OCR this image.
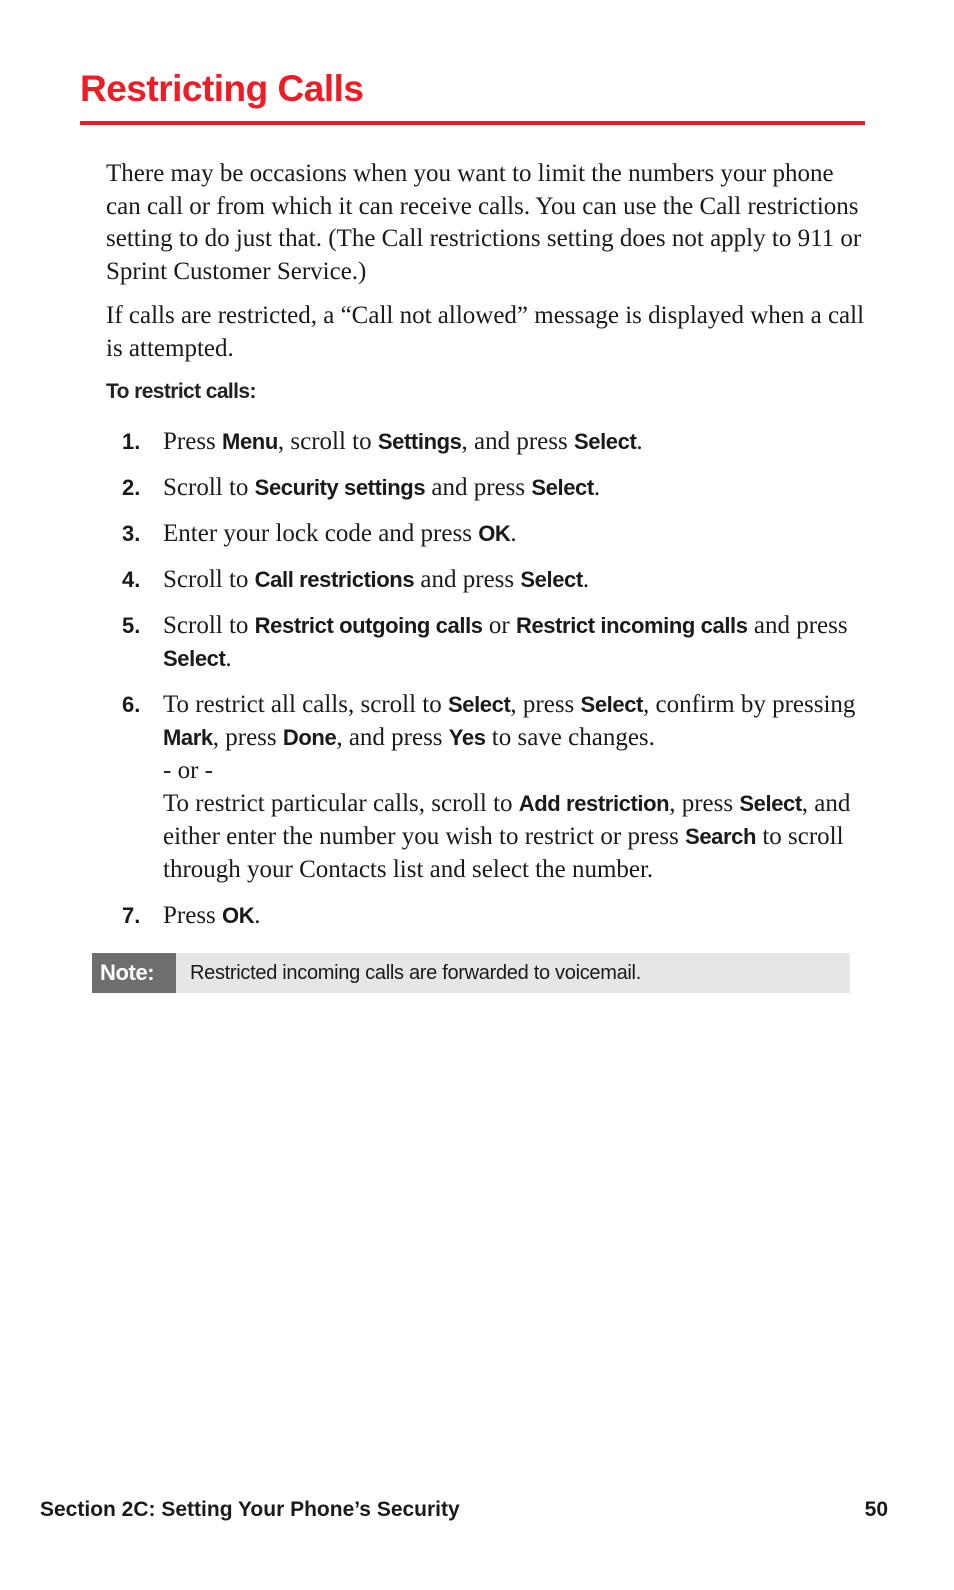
Restricting Calls

There may be occasions when you want to limit the numbers your phone can call or from which it can receive calls. You can use the Call restrictions setting to do just that. (The Call restrictions setting does not apply to 911 or Sprint Customer Service.)

If calls are restricted, a “Call not allowed” message is displayed when a call is attempted.

To restrict calls:

1. Press Menu, scroll to Settings, and press Select.
2. Scroll to Security settings and press Select.
3. Enter your lock code and press OK.
4. Scroll to Call restrictions and press Select.
5. Scroll to Restrict outgoing calls or Restrict incoming calls and press Select.
6. To restrict all calls, scroll to Select, press Select, confirm by pressing Mark, press Done, and press Yes to save changes.
- or -
To restrict particular calls, scroll to Add restriction, press Select, and either enter the number you wish to restrict or press Search to scroll through your Contacts list and select the number.
7. Press OK.
Note:	Restricted incoming calls are forwarded to voicemail.
Section 2C: Setting Your Phone’s Security	50
